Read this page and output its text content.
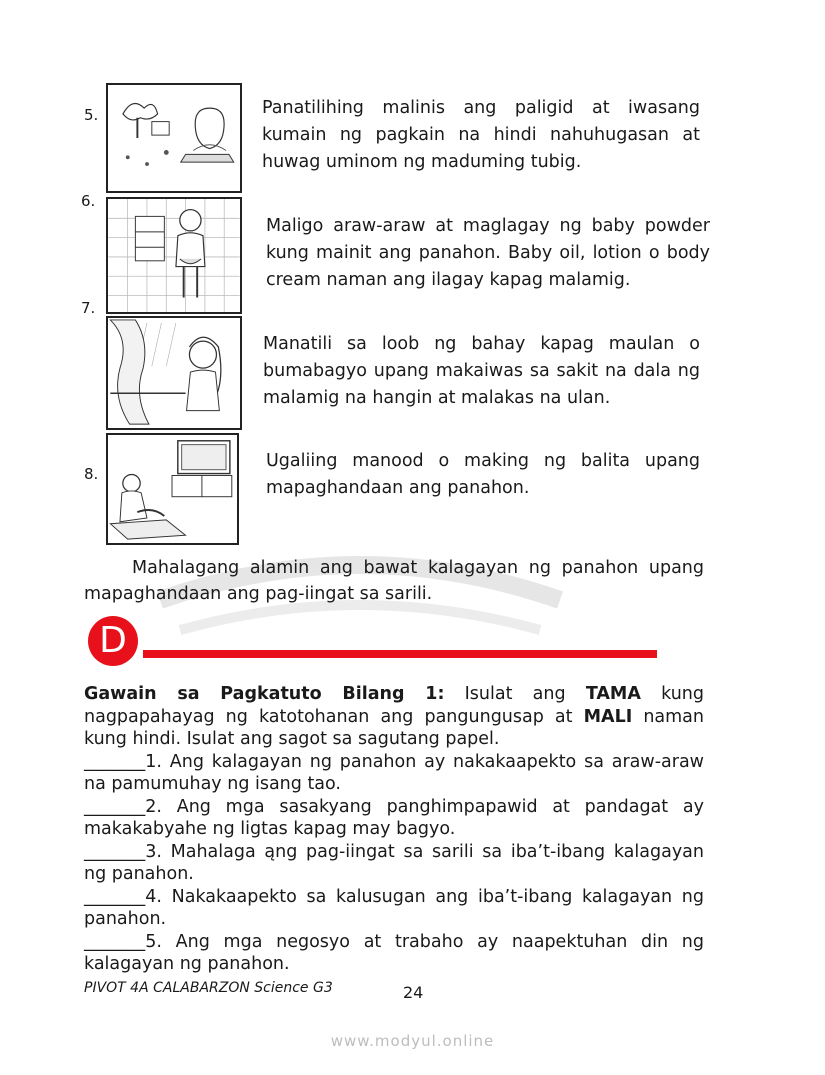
5.	Panatilihing malinis ang paligid at iwasang kumain ng pagkain na hindi nahuhugasan at huwag uminom ng maduming tubig.
6.
Maligo araw-araw at maglagay ng baby powder kung mainit ang panahon. Baby oil, lotion o body cream naman ang ilagay kapag malamig.
7.
Manatili sa loob ng bahay kapag maulan o bumabagyo upang makaiwas sa sakit na dala ng malamig na hangin at malakas na ulan.
8.
Ugaliing manood o making ng balita upang mapaghandaan ang panahon.
Mahalagang alamin ang bawat kalagayan ng panahon upang mapaghandaan ang pag-iingat sa sarili.
D

Gawain sa Pagkatuto Bilang 1: Isulat ang TAMA kung nagpapahayag ng katotohanan ang pangungusap at MALI naman kung hindi. Isulat ang sagot sa sagutang papel.

_______1. Ang kalagayan ng panahon ay nakakaapekto sa araw-araw na pamumuhay ng isang tao.

_______2. Ang mga sasakyang panghimpapawid at pandagat ay makakabyahe ng ligtas kapag may bagyo.

_______3. Mahalaga ąng pag-iingat sa sarili sa iba’t-ibang kalagayan ng panahon.

_______4. Nakakaapekto sa kalusugan ang iba’t-ibang kalagayan ng panahon.

_______5. Ang mga negosyo at trabaho ay naapektuhan din ng kalagayan ng panahon.

PIVOT 4A CALABARZON Science G3	24
www.modyul.online
